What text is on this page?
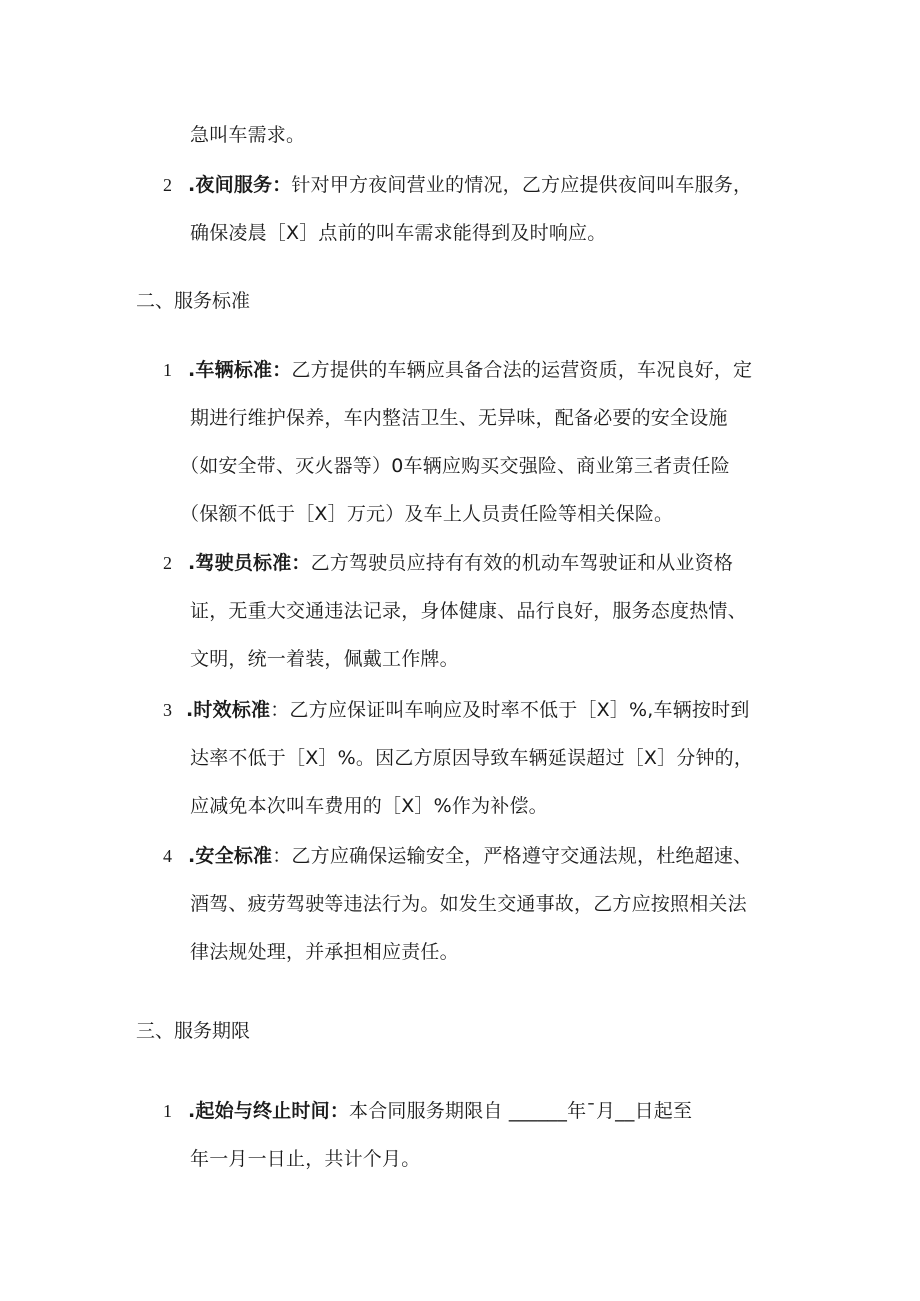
急叫车需求。
2 .夜间服务：针对甲方夜间营业的情况，乙方应提供夜间叫车服务，
确保凌晨［X］点前的叫车需求能得到及时响应。
二、服务标准
1 .车辆标准：乙方提供的车辆应具备合法的运营资质，车况良好，定
期进行维护保养，车内整洁卫生、无异味，配备必要的安全设施
（如安全带、灭火器等）0车辆应购买交强险、商业第三者责任险
（保额不低于［X］万元）及车上人员责任险等相关保险。
2 .驾驶员标准：乙方驾驶员应持有有效的机动车驾驶证和从业资格
证，无重大交通违法记录，身体健康、品行良好，服务态度热情、
文明，统一着装，佩戴工作牌。
3 .时效标准：乙方应保证叫车响应及时率不低于［X］%,车辆按时到
达率不低于［X］%。因乙方原因导致车辆延误超过［X］分钟的，
应减免本次叫车费用的［X］%作为补偿。
4 .安全标准：乙方应确保运输安全，严格遵守交通法规，杜绝超速、
酒驾、疲劳驾驶等违法行为。如发生交通事故，乙方应按照相关法
律法规处理，并承担相应责任。
三、服务期限
1 .起始与终止时间：本合同服务期限自 ______年ˉ月__日起至
年一月一日止，共计个月。
